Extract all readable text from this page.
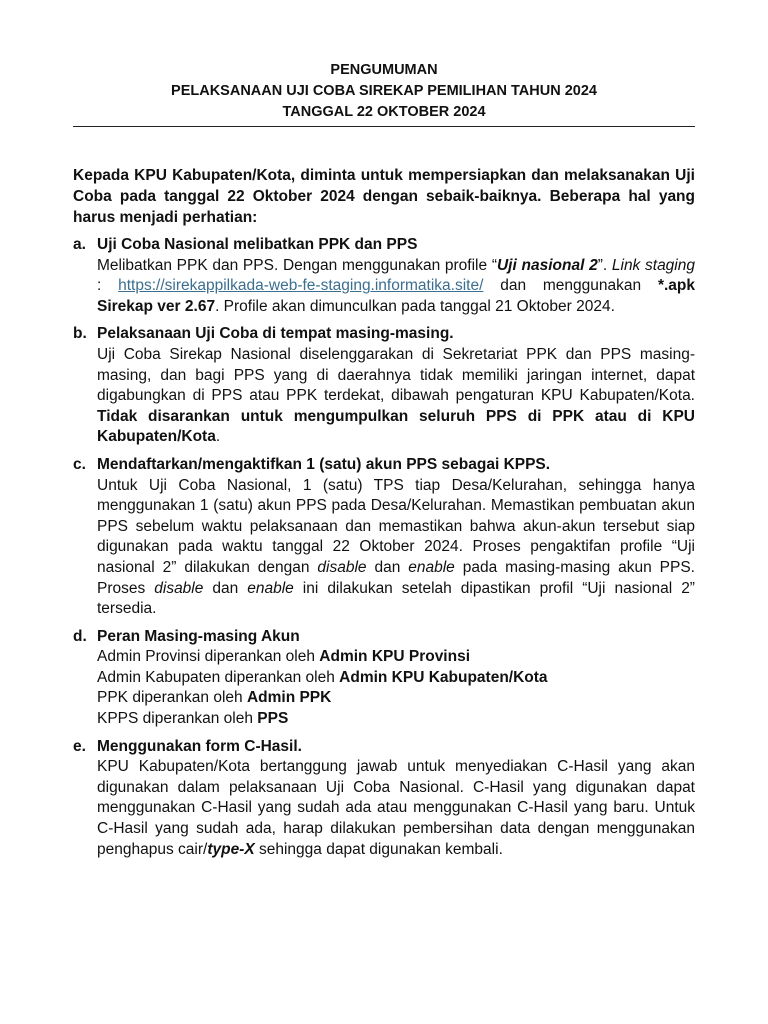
PENGUMUMAN
PELAKSANAAN UJI COBA SIREKAP PEMILIHAN TAHUN 2024
TANGGAL 22 OKTOBER 2024
Kepada KPU Kabupaten/Kota, diminta untuk mempersiapkan dan melaksanakan Uji Coba pada tanggal 22 Oktober 2024 dengan sebaik-baiknya. Beberapa hal yang harus menjadi perhatian:
a. Uji Coba Nasional melibatkan PPK dan PPS
Melibatkan PPK dan PPS. Dengan menggunakan profile “Uji nasional 2”. Link staging : https://sirekappilkada-web-fe-staging.informatika.site/ dan menggunakan *.apk Sirekap ver 2.67. Profile akan dimunculkan pada tanggal 21 Oktober 2024.
b. Pelaksanaan Uji Coba di tempat masing-masing.
Uji Coba Sirekap Nasional diselenggarakan di Sekretariat PPK dan PPS masing-masing, dan bagi PPS yang di daerahnya tidak memiliki jaringan internet, dapat digabungkan di PPS atau PPK terdekat, dibawah pengaturan KPU Kabupaten/Kota. Tidak disarankan untuk mengumpulkan seluruh PPS di PPK atau di KPU Kabupaten/Kota.
c. Mendaftarkan/mengaktifkan 1 (satu) akun PPS sebagai KPPS.
Untuk Uji Coba Nasional, 1 (satu) TPS tiap Desa/Kelurahan, sehingga hanya menggunakan 1 (satu) akun PPS pada Desa/Kelurahan. Memastikan pembuatan akun PPS sebelum waktu pelaksanaan dan memastikan bahwa akun-akun tersebut siap digunakan pada waktu tanggal 22 Oktober 2024. Proses pengaktifan profile “Uji nasional 2” dilakukan dengan disable dan enable pada masing-masing akun PPS. Proses disable dan enable ini dilakukan setelah dipastikan profil “Uji nasional 2” tersedia.
d. Peran Masing-masing Akun
Admin Provinsi diperankan oleh Admin KPU Provinsi
Admin Kabupaten diperankan oleh Admin KPU Kabupaten/Kota
PPK diperankan oleh Admin PPK
KPPS diperankan oleh PPS
e. Menggunakan form C-Hasil.
KPU Kabupaten/Kota bertanggung jawab untuk menyediakan C-Hasil yang akan digunakan dalam pelaksanaan Uji Coba Nasional. C-Hasil yang digunakan dapat menggunakan C-Hasil yang sudah ada atau menggunakan C-Hasil yang baru. Untuk C-Hasil yang sudah ada, harap dilakukan pembersihan data dengan menggunakan penghapus cair/type-X sehingga dapat digunakan kembali.
